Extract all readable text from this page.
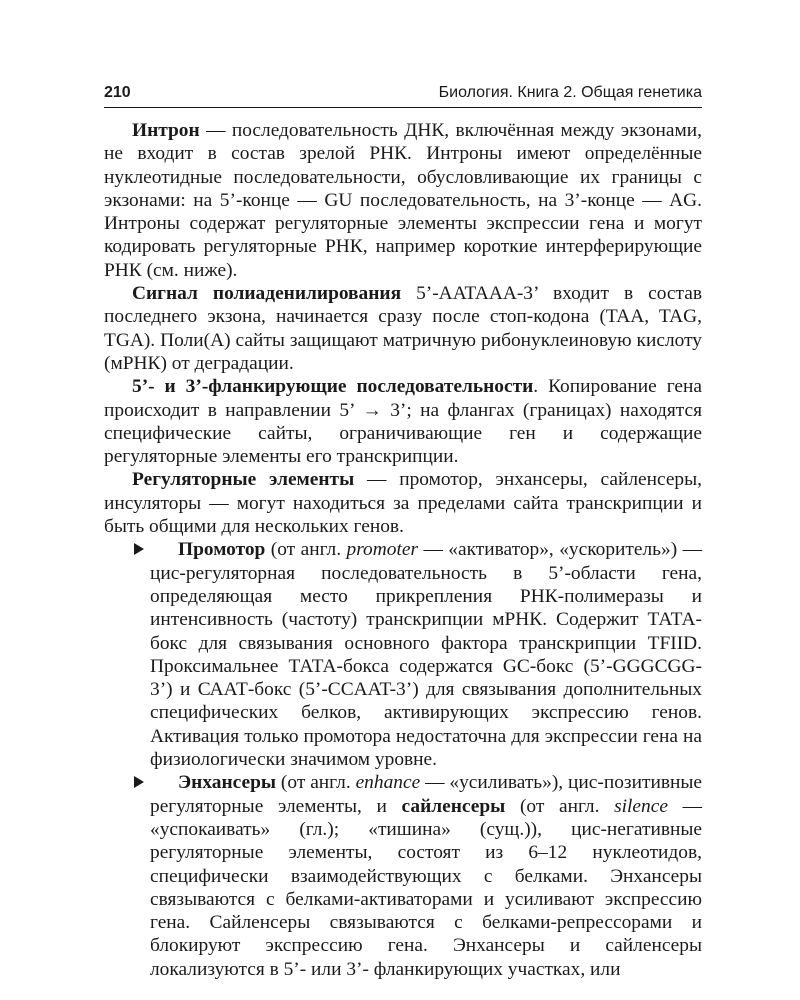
210	Биология. Книга 2. Общая генетика

Интрон — последовательность ДНК, включённая между экзонами, не входит в состав зрелой РНК. Интроны имеют определённые нуклеотидные последовательности, обусловливающие их границы с экзонами: на 5’-конце — GU последовательность, на 3’-конце — AG. Интроны содержат регуляторные элементы экспрессии гена и могут кодировать регуляторные РНК, например короткие интерферирующие РНК (см. ниже).

Сигнал полиаденилирования 5’-AATAAA-3’ входит в состав последнего экзона, начинается сразу после стоп-кодона (TAA, TAG, TGA). Поли(А) сайты защищают матричную рибонуклеиновую кислоту (мРНК) от деградации.

5’- и 3’-фланкирующие последовательности. Копирование гена происходит в направлении 5’ → 3’; на флангах (границах) находятся специфические сайты, ограничивающие ген и содержащие регуляторные элементы его транскрипции.

Регуляторные элементы — промотор, энхансеры, сайленсеры, инсуляторы — могут находиться за пределами сайта транскрипции и быть общими для нескольких генов.

Промотор (от англ. promoter — «активатор», «ускоритель») — цис-регуляторная последовательность в 5’-области гена, определяющая место прикрепления РНК-полимеразы и интенсивность (частоту) транскрипции мРНК. Содержит ТАТА-бокс для связывания основного фактора транскрипции TFIID. Проксимальнее ТАТА-бокса содержатся GC-бокс (5’-GGGCGG-3’) и СААТ-бокс (5’-CCAAT-3’) для связывания дополнительных специфических белков, активирующих экспрессию генов. Активация только промотора недостаточна для экспрессии гена на физиологически значимом уровне.

Энхансеры (от англ. enhance — «усиливать»), цис-позитивные регуляторные элементы, и сайленсеры (от англ. silence — «успокаивать» (гл.); «тишина» (сущ.)), цис-негативные регуляторные элементы, состоят из 6–12 нуклеотидов, специфически взаимодействующих с белками. Энхансеры связываются с белками-активаторами и усиливают экспрессию гена. Сайленсеры связываются с белками-репрессорами и блокируют экспрессию гена. Энхансеры и сайленсеры локализуются в 5’- или 3’- фланкирующих участках, или
